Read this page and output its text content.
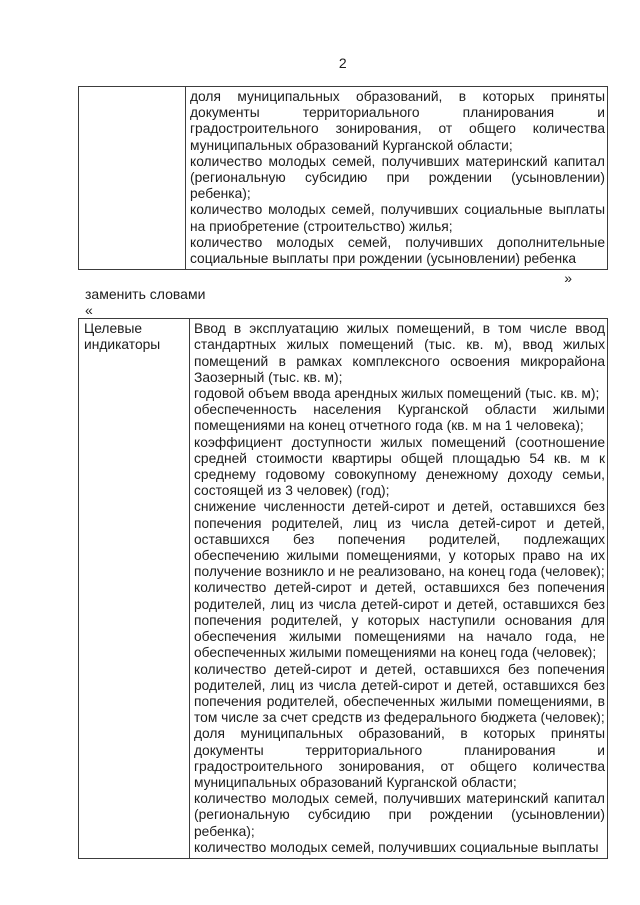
2

доля муниципальных образований, в которых приняты документы территориального планирования и градостроительного зонирования, от общего количества муниципальных образований Курганской области;

количество молодых семей, получивших материнский капитал (региональную субсидию при рождении (усыновлении) ребенка);

количество молодых семей, получивших социальные выплаты на приобретение (строительство) жилья;

количество молодых семей, получивших дополнительные социальные выплаты при рождении (усыновлении) ребенка

»
заменить словами
«
Целевые индикаторы

Ввод в эксплуатацию жилых помещений, в том числе ввод стандартных жилых помещений (тыс. кв. м), ввод жилых помещений в рамках комплексного освоения микрорайона Заозерный (тыс. кв. м);

годовой объем ввода арендных жилых помещений (тыс. кв. м);

обеспеченность населения Курганской области жилыми помещениями на конец отчетного года (кв. м на 1 человека);

коэффициент доступности жилых помещений (соотношение средней стоимости квартиры общей площадью 54 кв. м к среднему годовому совокупному денежному доходу семьи, состоящей из 3 человек) (год);

снижение численности детей-сирот и детей, оставшихся без попечения родителей, лиц из числа детей-сирот и детей, оставшихся без попечения родителей, подлежащих обеспечению жилыми помещениями, у которых право на их получение возникло и не реализовано, на конец года (человек);

количество детей-сирот и детей, оставшихся без попечения родителей, лиц из числа детей-сирот и детей, оставшихся без попечения родителей, у которых наступили основания для обеспечения жилыми помещениями на начало года, не обеспеченных жилыми помещениями на конец года (человек);

количество детей-сирот и детей, оставшихся без попечения родителей, лиц из числа детей-сирот и детей, оставшихся без попечения родителей, обеспеченных жилыми помещениями, в том числе за счет средств из федерального бюджета (человек);

доля муниципальных образований, в которых приняты документы территориального планирования и градостроительного зонирования, от общего количества муниципальных образований Курганской области;

количество молодых семей, получивших материнский капитал (региональную субсидию при рождении (усыновлении) ребенка);

количество молодых семей, получивших социальные выплаты
